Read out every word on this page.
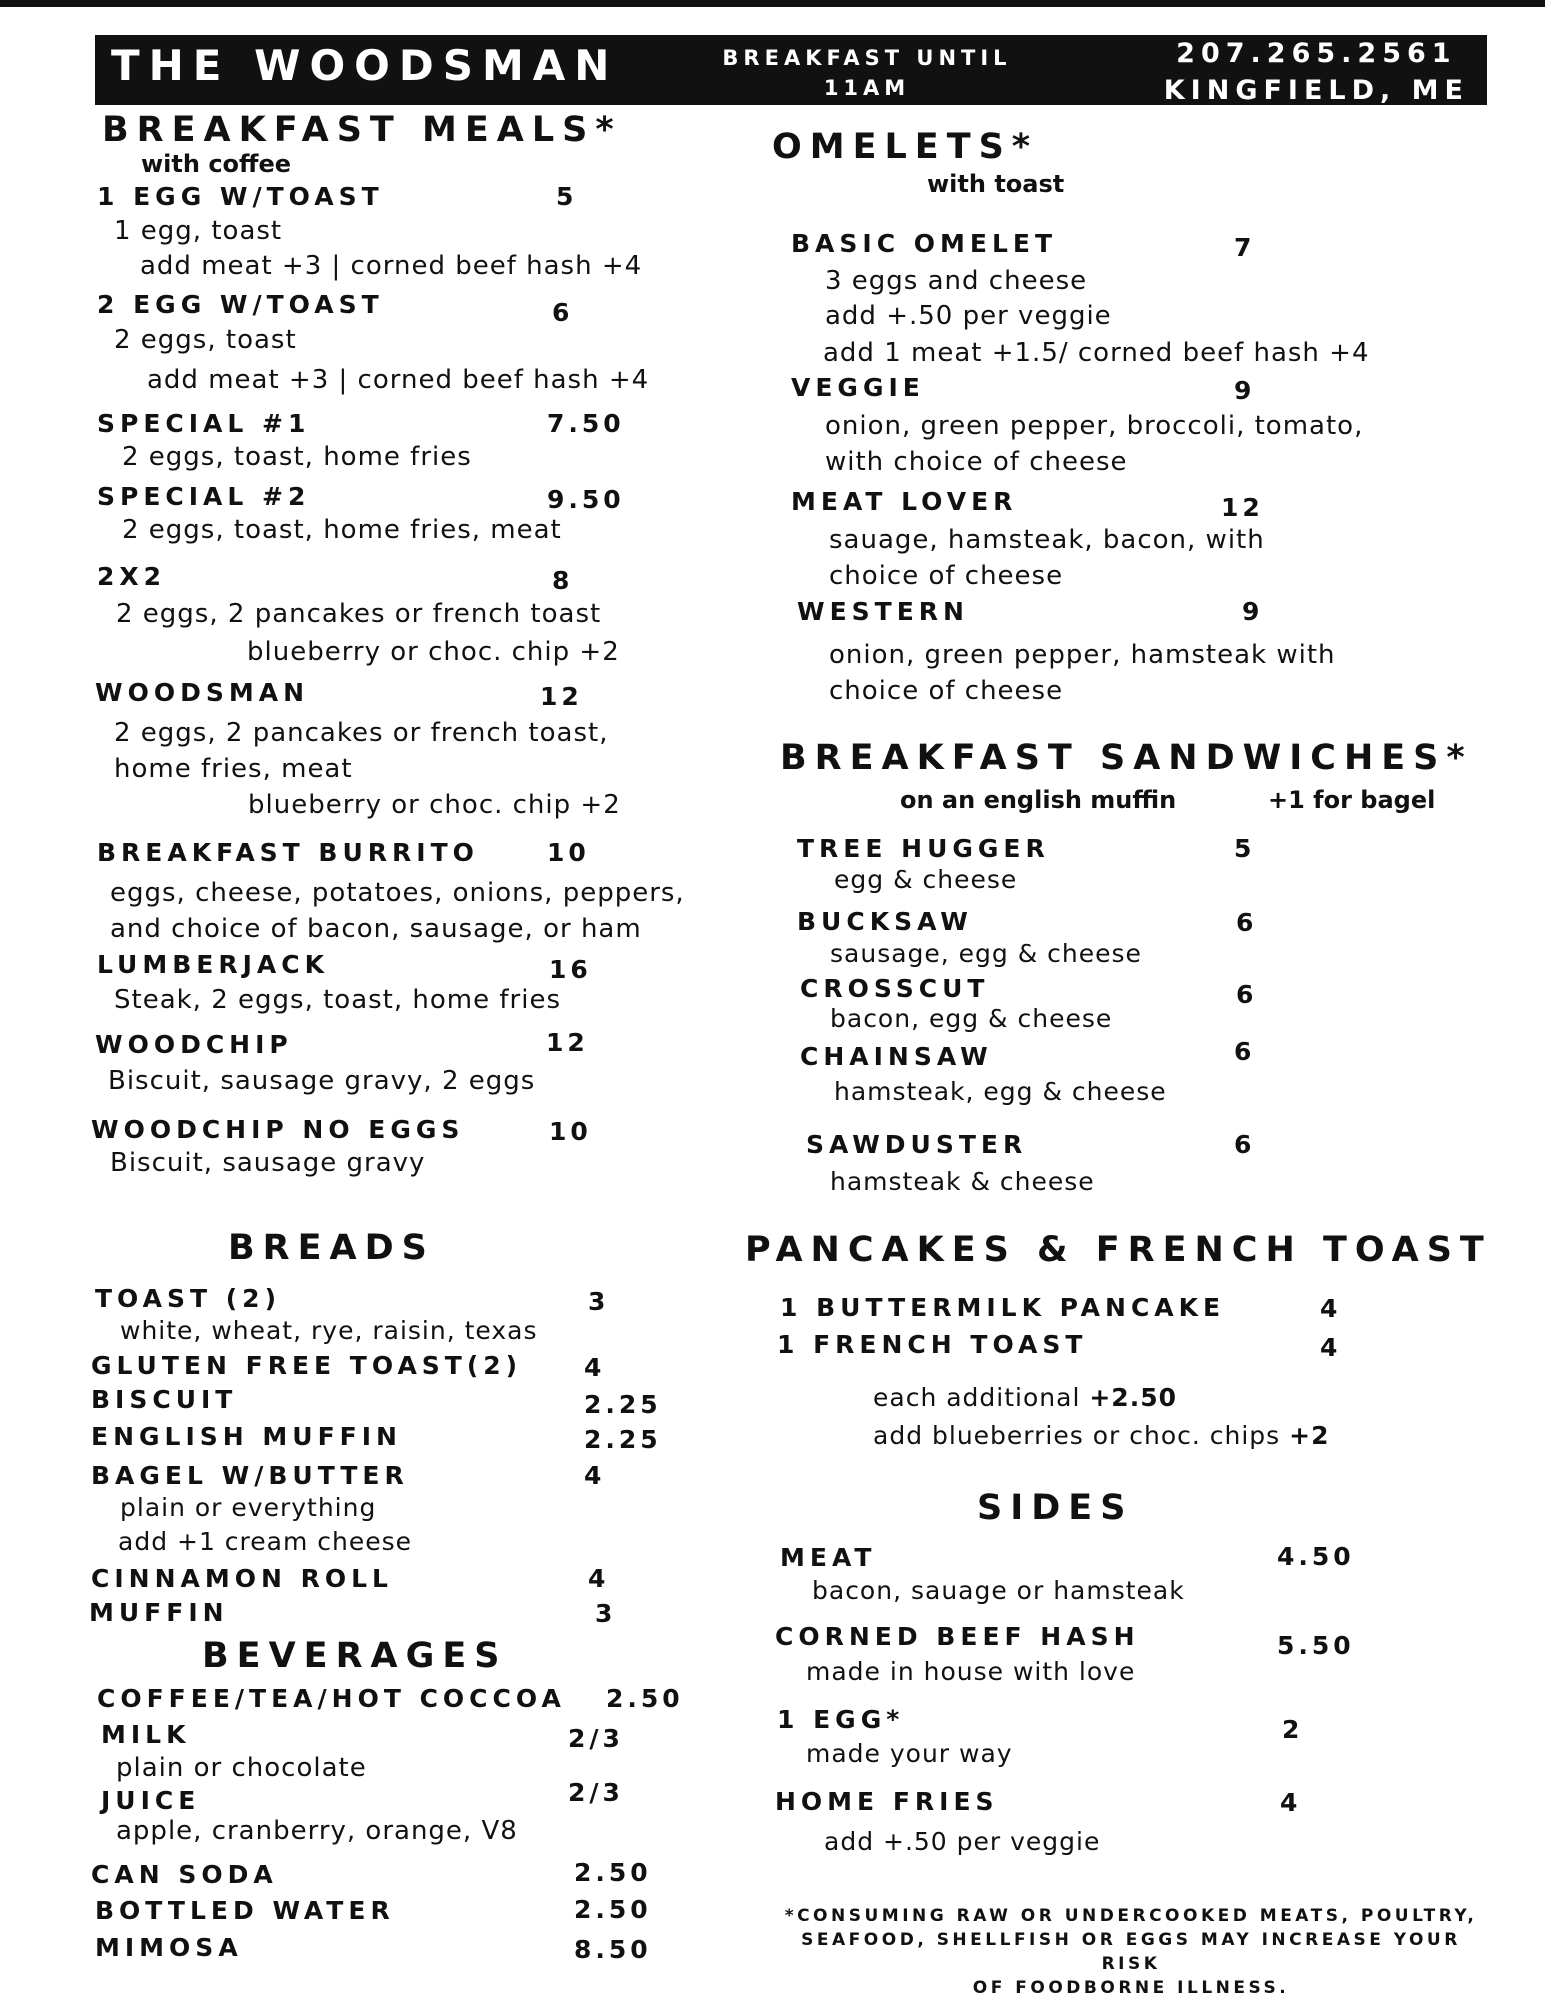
THE WOODSMAN	BREAKFAST UNTIL 11AM
SUNDAY TILL NOON
207.265.2561
KINGFIELD, ME
BREAKFAST MEALS*
with coffee
1 EGG W/TOAST	5
1 egg, toast
add meat +3 | corned beef hash +4
2 EGG W/TOAST	6
2 eggs, toast
add meat +3 | corned beef hash +4
SPECIAL #1	7.50
2 eggs, toast, home fries
SPECIAL #2	9.50
2 eggs, toast, home fries, meat
2X2	8
2 eggs, 2 pancakes or french toast
blueberry or choc. chip +2
WOODSMAN	12
2 eggs, 2 pancakes or french toast,
home fries, meat
blueberry or choc. chip +2
BREAKFAST BURRITO	10
eggs, cheese, potatoes, onions, peppers,
and choice of bacon, sausage, or ham
LUMBERJACK	16
Steak, 2 eggs, toast, home fries
WOODCHIP	12
Biscuit, sausage gravy, 2 eggs
WOODCHIP NO EGGS	10
Biscuit, sausage gravy
BREADS
TOAST (2)	3
white, wheat, rye, raisin, texas
GLUTEN FREE TOAST(2) 4
BISCUIT	2.25
ENGLISH MUFFIN	2.25
BAGEL W/BUTTER	4
plain or everything
add +1 cream cheese
CINNAMON ROLL	4
MUFFIN	3
BEVERAGES
COFFEE/TEA/HOT COCCOA 2.50
MILK	2/3
plain or chocolate
JUICE	2/3
apple, cranberry, orange, V8
CAN SODA	2.50
BOTTLED WATER	2.50
MIMOSA	8.50
OMELETS*
with toast
BASIC OMELET	7
3 eggs and cheese
add +.50 per veggie
add 1 meat +1.5/ corned beef hash +4
VEGGIE	9
onion, green pepper, broccoli, tomato,
with choice of cheese
MEAT LOVER	12
sauage, hamsteak, bacon, with
choice of cheese
WESTERN	9
onion, green pepper, hamsteak with
choice of cheese
BREAKFAST SANDWICHES*
on an english muffin	+1 for bagel
TREE HUGGER	5
egg & cheese
BUCKSAW	6
sausage, egg & cheese
CROSSCUT	6
bacon, egg & cheese
CHAINSAW	6
hamsteak, egg & cheese
SAWDUSTER	6
hamsteak & cheese
PANCAKES & FRENCH TOAST
1 BUTTERMILK PANCAKE	4
1 FRENCH TOAST	4
each additional +2.50
add blueberries or choc. chips +2
SIDES
MEAT	4.50
bacon, sauage or hamsteak
CORNED BEEF HASH	5.50
made in house with love
1 EGG*	2
made your way
HOME FRIES	4
add +.50 per veggie
*CONSUMING RAW OR UNDERCOOKED MEATS, POULTRY,
SEAFOOD, SHELLFISH OR EGGS MAY INCREASE YOUR RISK
OF FOODBORNE ILLNESS.
